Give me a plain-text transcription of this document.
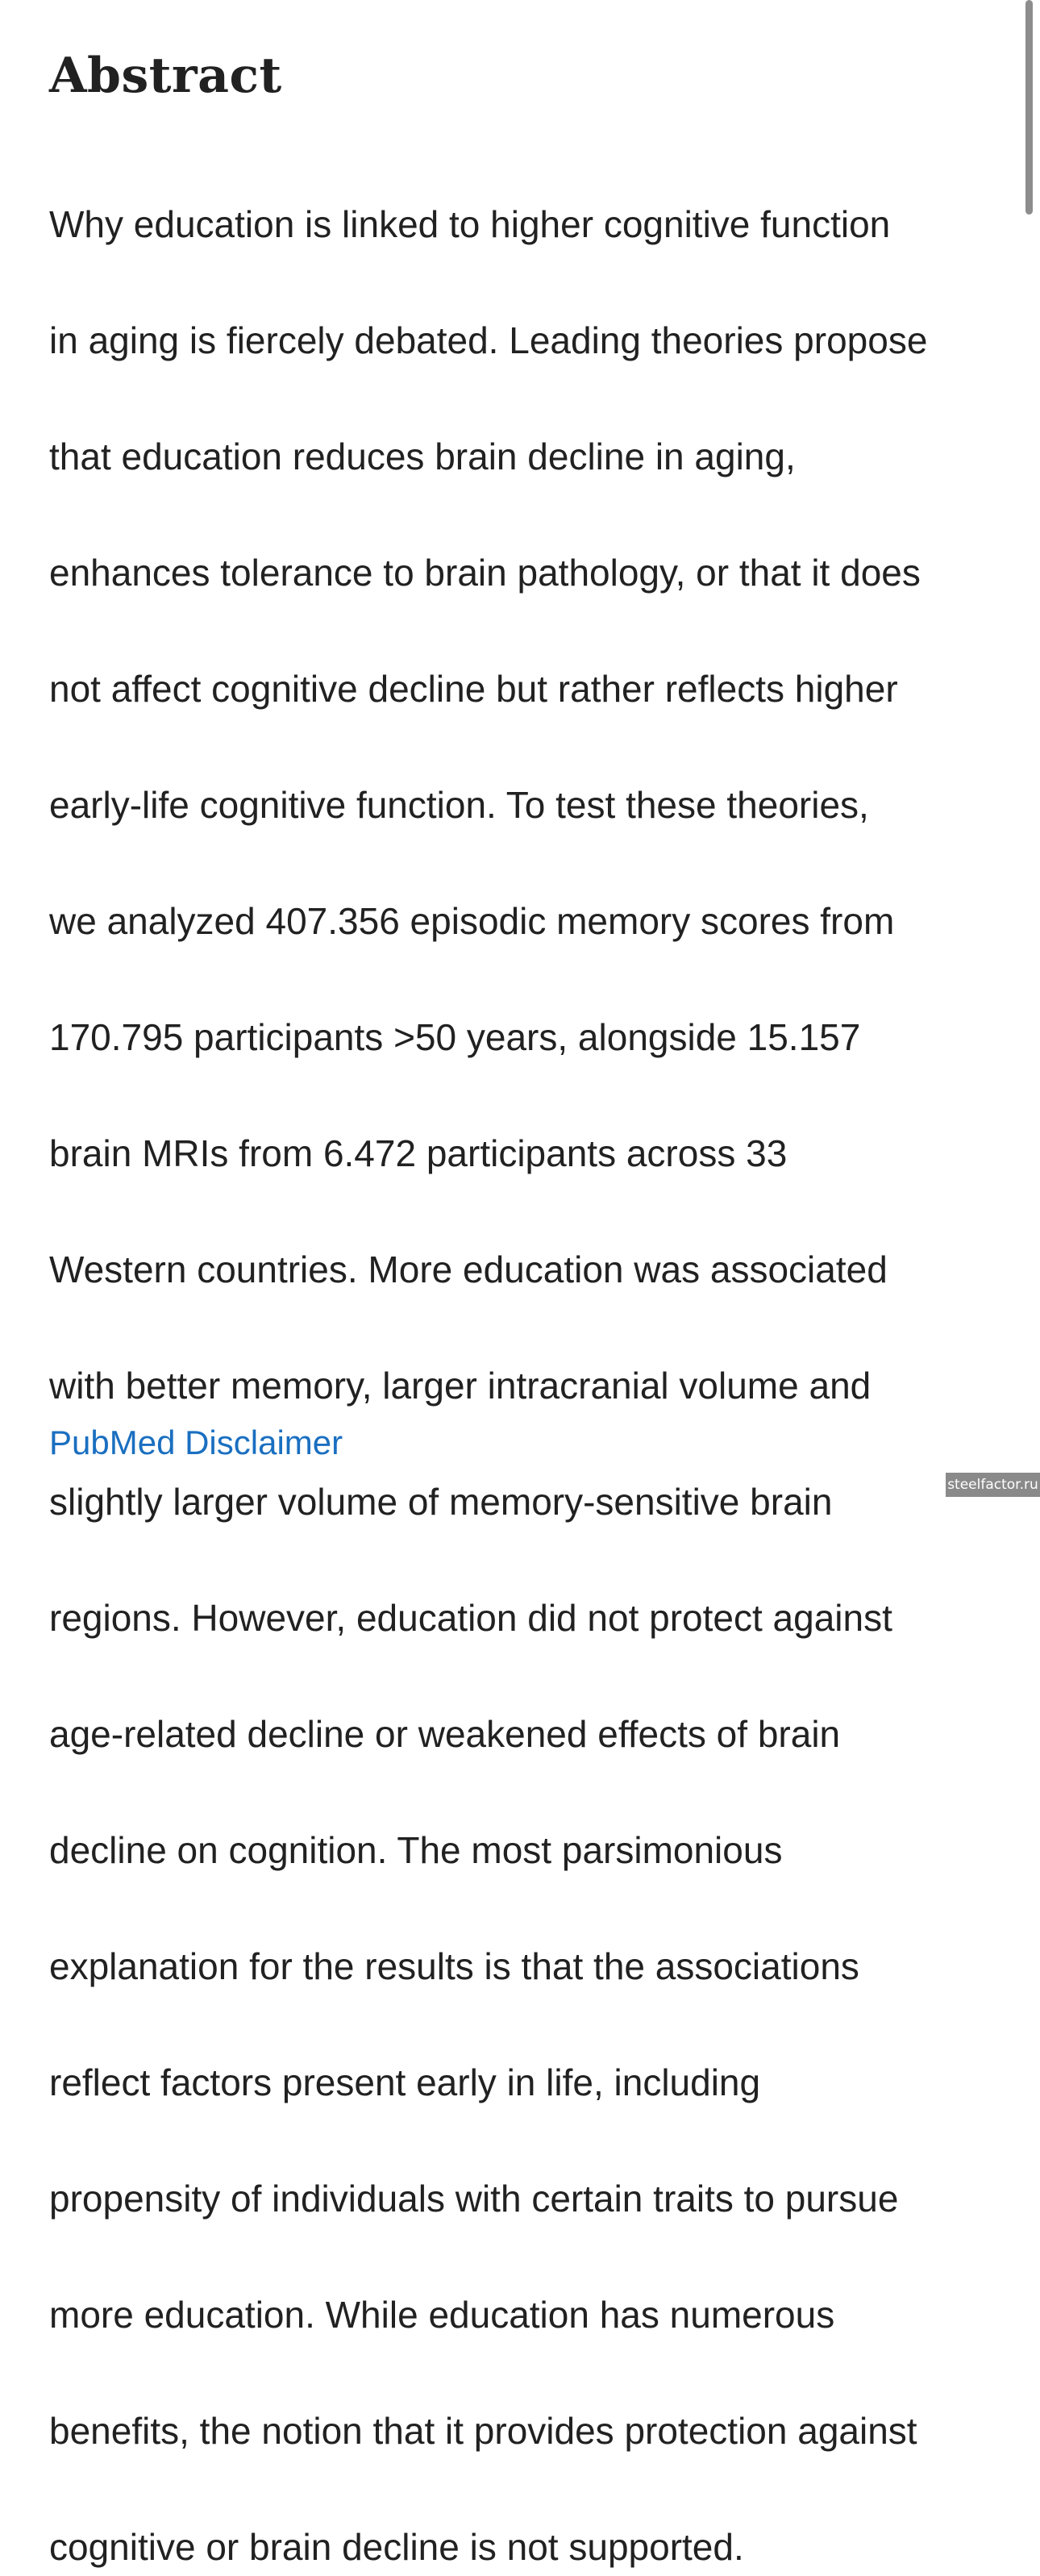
Abstract

Why education is linked to higher cognitive function

in aging is fiercely debated. Leading theories propose

that education reduces brain decline in aging,

enhances tolerance to brain pathology, or that it does

not affect cognitive decline but rather reflects higher

early-life cognitive function. To test these theories,

we analyzed 407.356 episodic memory scores from

170.795 participants >50 years, alongside 15.157

brain MRIs from 6.472 participants across 33

Western countries. More education was associated

with better memory, larger intracranial volume and

slightly larger volume of memory-sensitive brain

regions. However, education did not protect against

age-related decline or weakened effects of brain

decline on cognition. The most parsimonious

explanation for the results is that the associations

reflect factors present early in life, including

propensity of individuals with certain traits to pursue

more education. While education has numerous

benefits, the notion that it provides protection against

cognitive or brain decline is not supported.

PubMed Disclaimer
steelfactor.ru
